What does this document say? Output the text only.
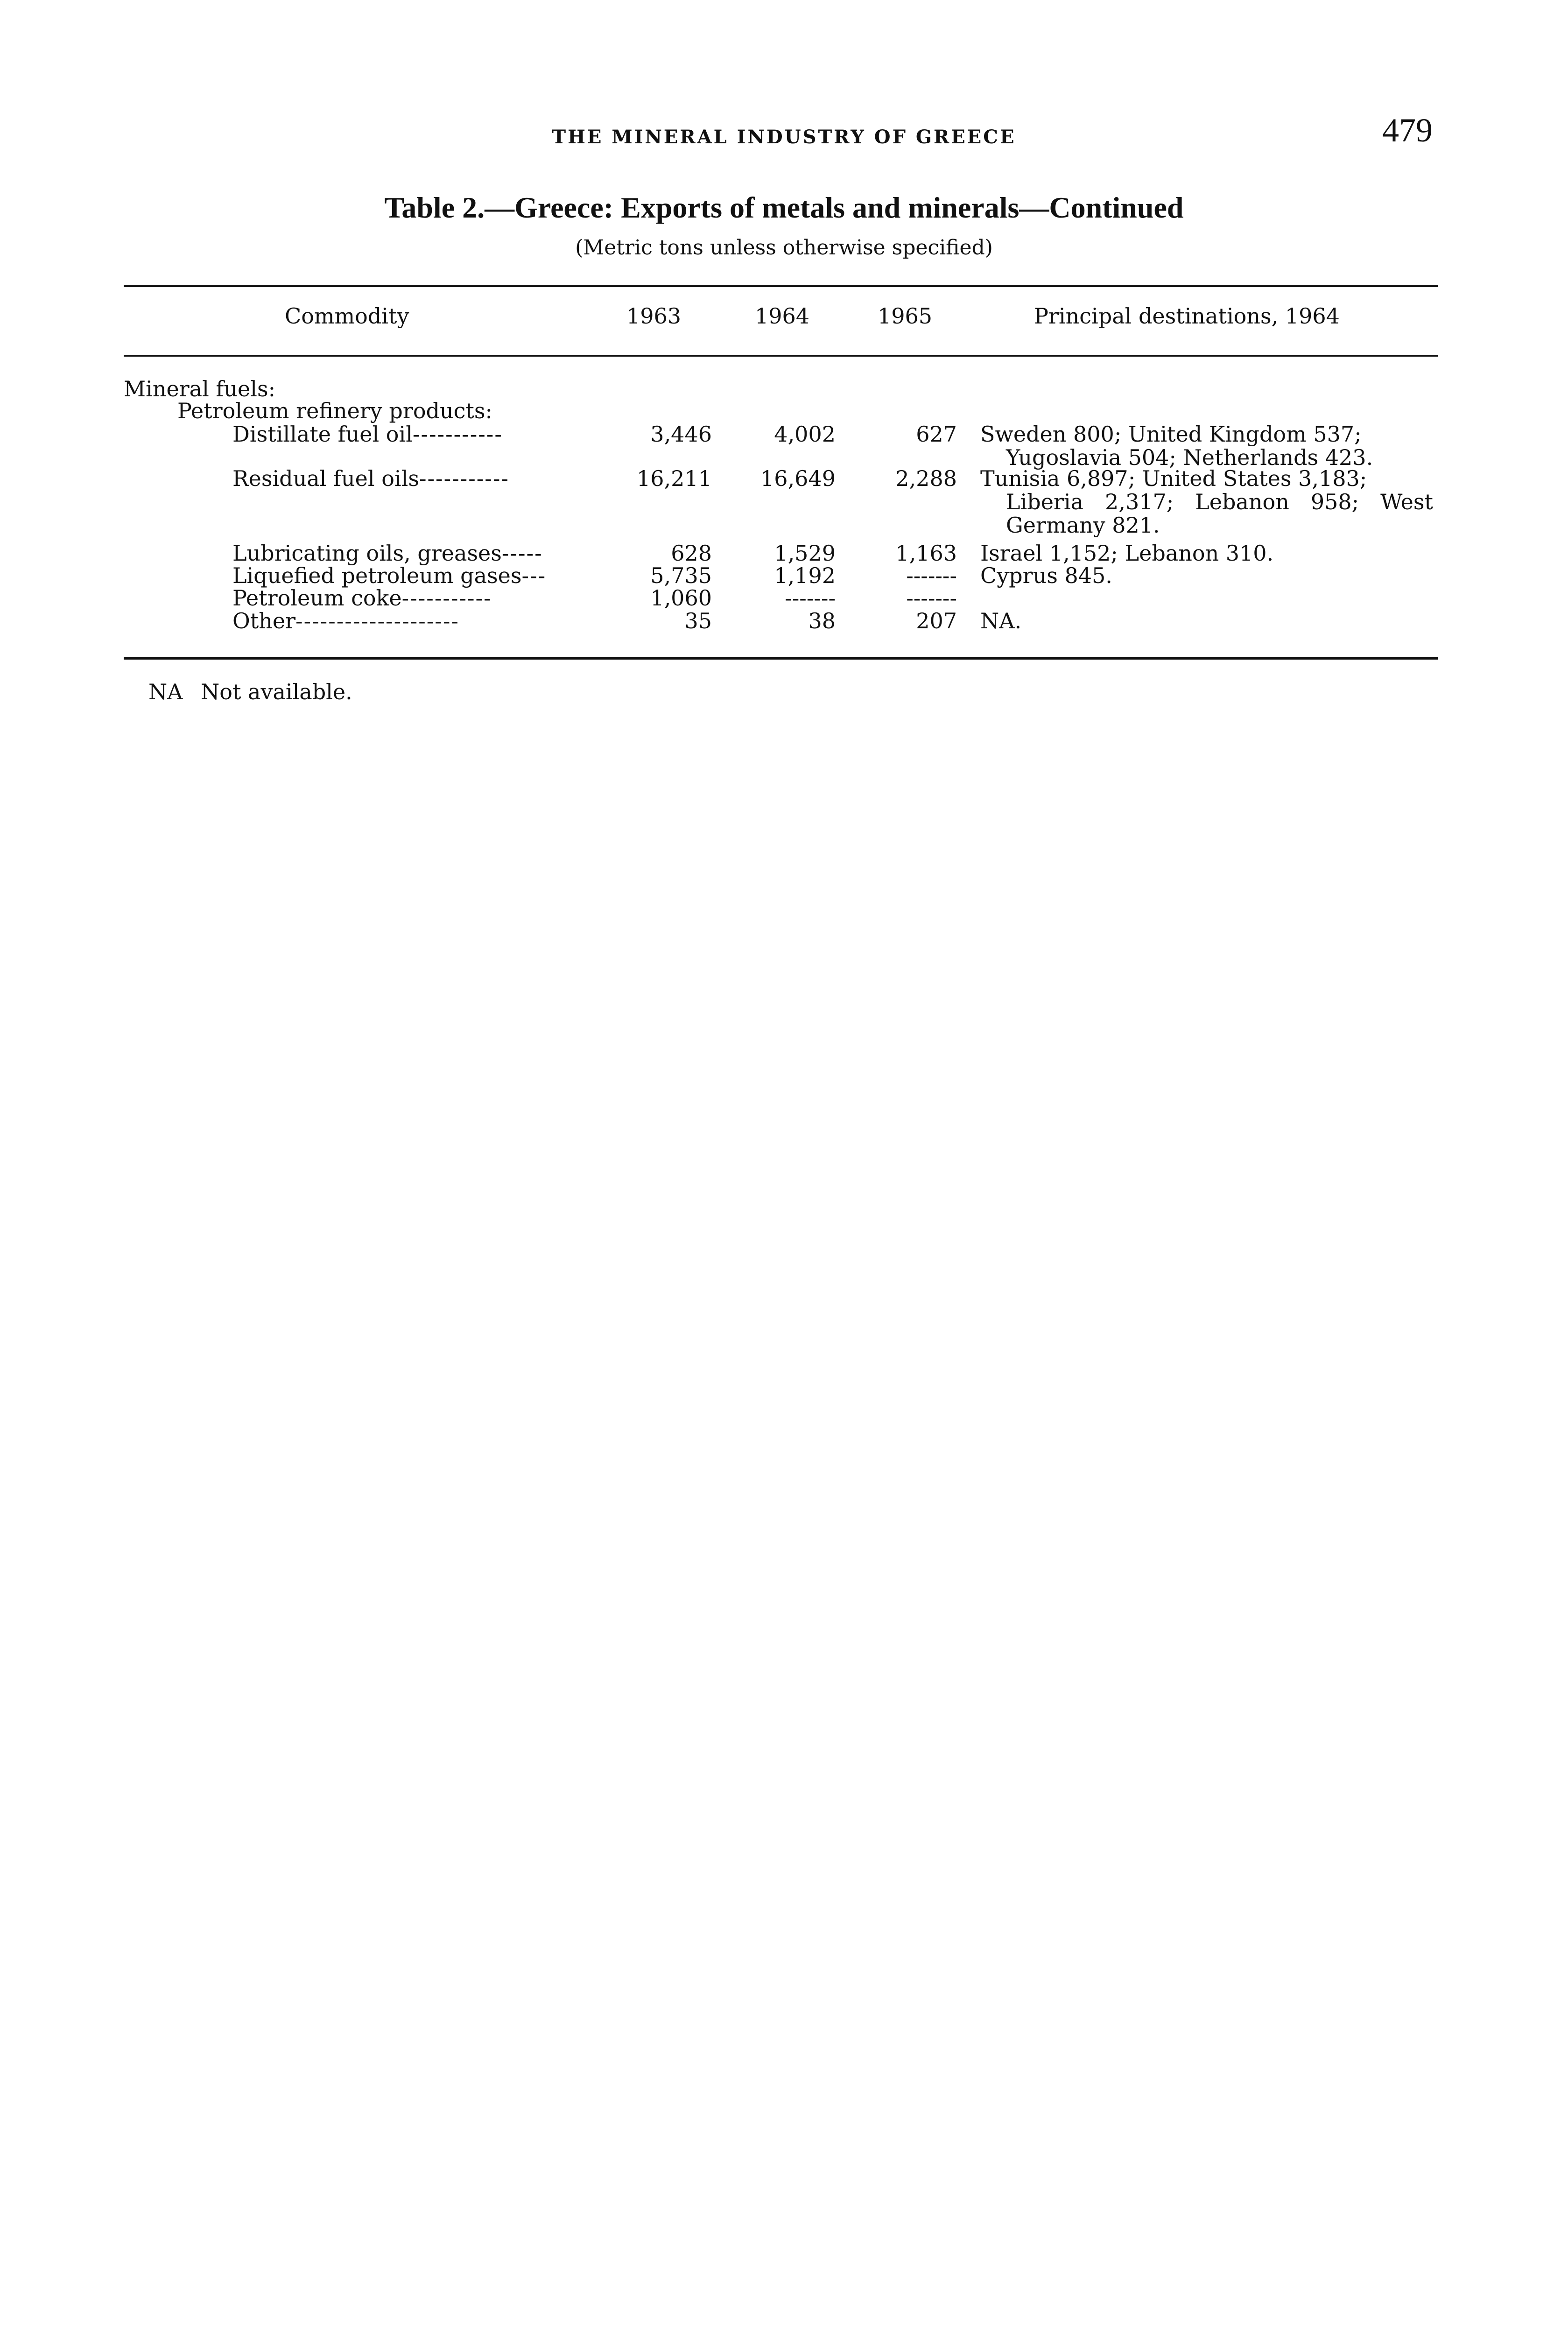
THE MINERAL INDUSTRY OF GREECE	479
Table 2.—Greece: Exports of metals and minerals—Continued
(Metric tons unless otherwise specified)
Commodity	1963	1964	1965	Principal destinations, 1964
Mineral fuels:
Petroleum refinery products:
Distillate fuel oil-----------	3,446	4,002	627 Sweden 800; United Kingdom 537;
Yugoslavia 504; Netherlands 423.
Residual fuel oils-----------	16,211	16,649	2,288 Tunisia 6,897; United States 3,183;
Liberia 2,317; Lebanon 958; West Germany 821.
Lubricating oils, greases-----	628	1,529	1,163 Israel 1,152; Lebanon 310.
Liquefied petroleum gases---	5,735	1,192	------- Cyprus 845.
Petroleum coke-----------	1,060	-------	-------
Other--------------------	35	38	207 NA.
NA Not available.
